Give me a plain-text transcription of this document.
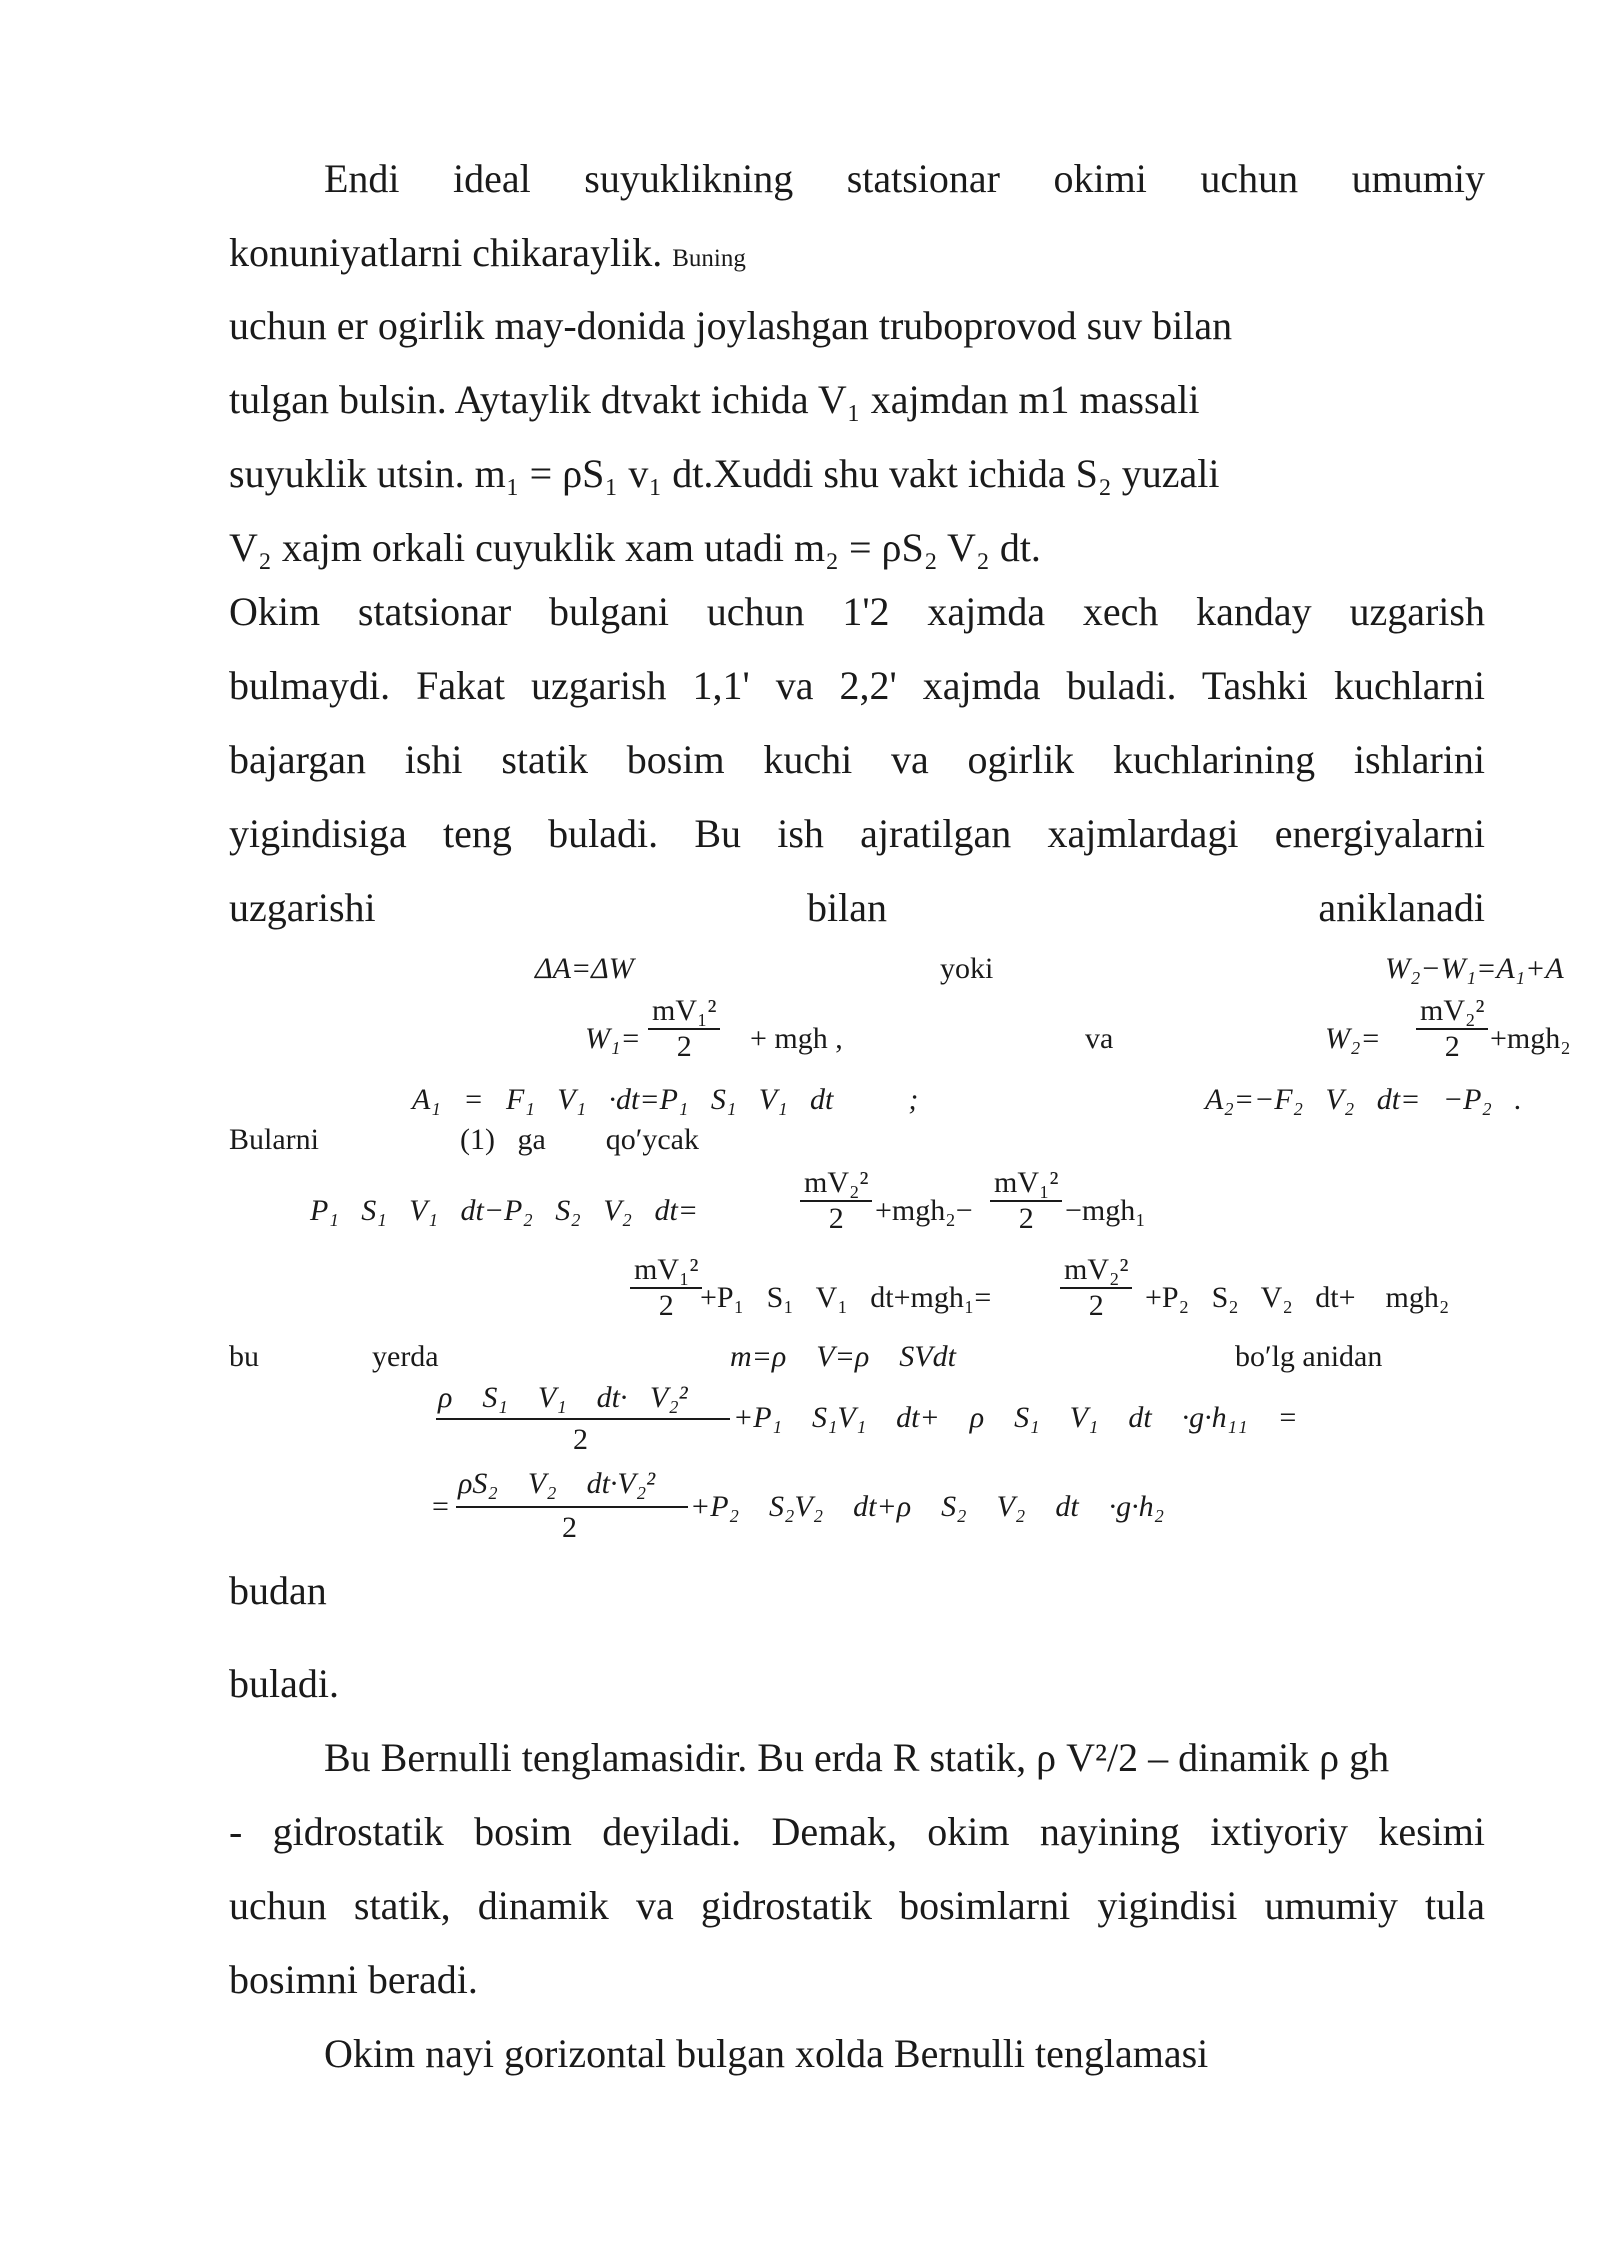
Endi ideal suyuklikning statsionar okimi uchun umumiy
konuniyatlarni chikaraylik. Buning
uchun er ogirlik may-donida joylashgan truboprovod suv bilan
tulgan bulsin. Aytaylik dtvakt ichida V₁ xajmdan m1 massali
suyuklik utsin. m₁ = ρS₁ v₁ dt.Xuddi shu vakt ichida S₂ yuzali
V₂ xajm orkali cuyuklik xam utadi m₂ = ρS₂ V₂ dt.
Okim statsionar bulgani uchun 1'2 xajmda xech kanday uzgarish
bulmaydi. Fakat uzgarish 1,1' va 2,2' xajmda buladi. Tashki kuchlarni
bajargan ishi statik bosim kuchi va ogirlik kuchlarining ishlarini
yigindisiga teng buladi. Bu ish ajratilgan xajmlardagi energiyalarni
uzgarishi	bilan	aniklanadi
ΔA=ΔW	yoki	W₂−W₁=A₁+A
$W_1= \frac{\text{mV₁²}}{2}$ + mgh ,	va	$W_2= \frac{\text{mV₂²}}{2} +mgh_2$
A₁   =   F₁   V₁   ·dt=P₁   S₁   V₁   dt          ;	A₂=−F₂   V₂   dt=   −P₂   .
Bularni	(1)   ga        qo′ycak
P₁   S₁   V₁   dt−P₂   S₂   V₂   dt=	$\frac{\text{mV₂²}}{2} +mgh_2- \frac{\text{mV₁²}}{2} -mgh_1$
$\frac{\text{mV₁²}}{2}$
+P₁   S₁   V₁   $dt+mgh_1= \frac{\text{mV₂²}}{2}$
+P₂   S₂   V₂   dt+    mgh₂
bu	yerda	m=ρ    V=ρ    SVdt	bo′lg anidan
ρ    S₁    V₁    dt·   V₂²
2
+P₁    S₁V₁    dt+    ρ    S₁    V₁    dt    ·g·h₁₁    =
=
ρS₂    V₂    dt·V₂²
2
+P₂    S₂V₂    dt+ρ    S₂    V₂    dt    ·g·h₂
budan
buladi.
Bu Bernulli tenglamasidir. Bu erda R statik, ρ V²/2 – dinamik ρ gh
- gidrostatik bosim deyiladi. Demak, okim nayining ixtiyoriy kesimi
uchun statik, dinamik va gidrostatik bosimlarni yigindisi umumiy tula
bosimni beradi.
Okim nayi gorizontal bulgan xolda Bernulli tenglamasi
